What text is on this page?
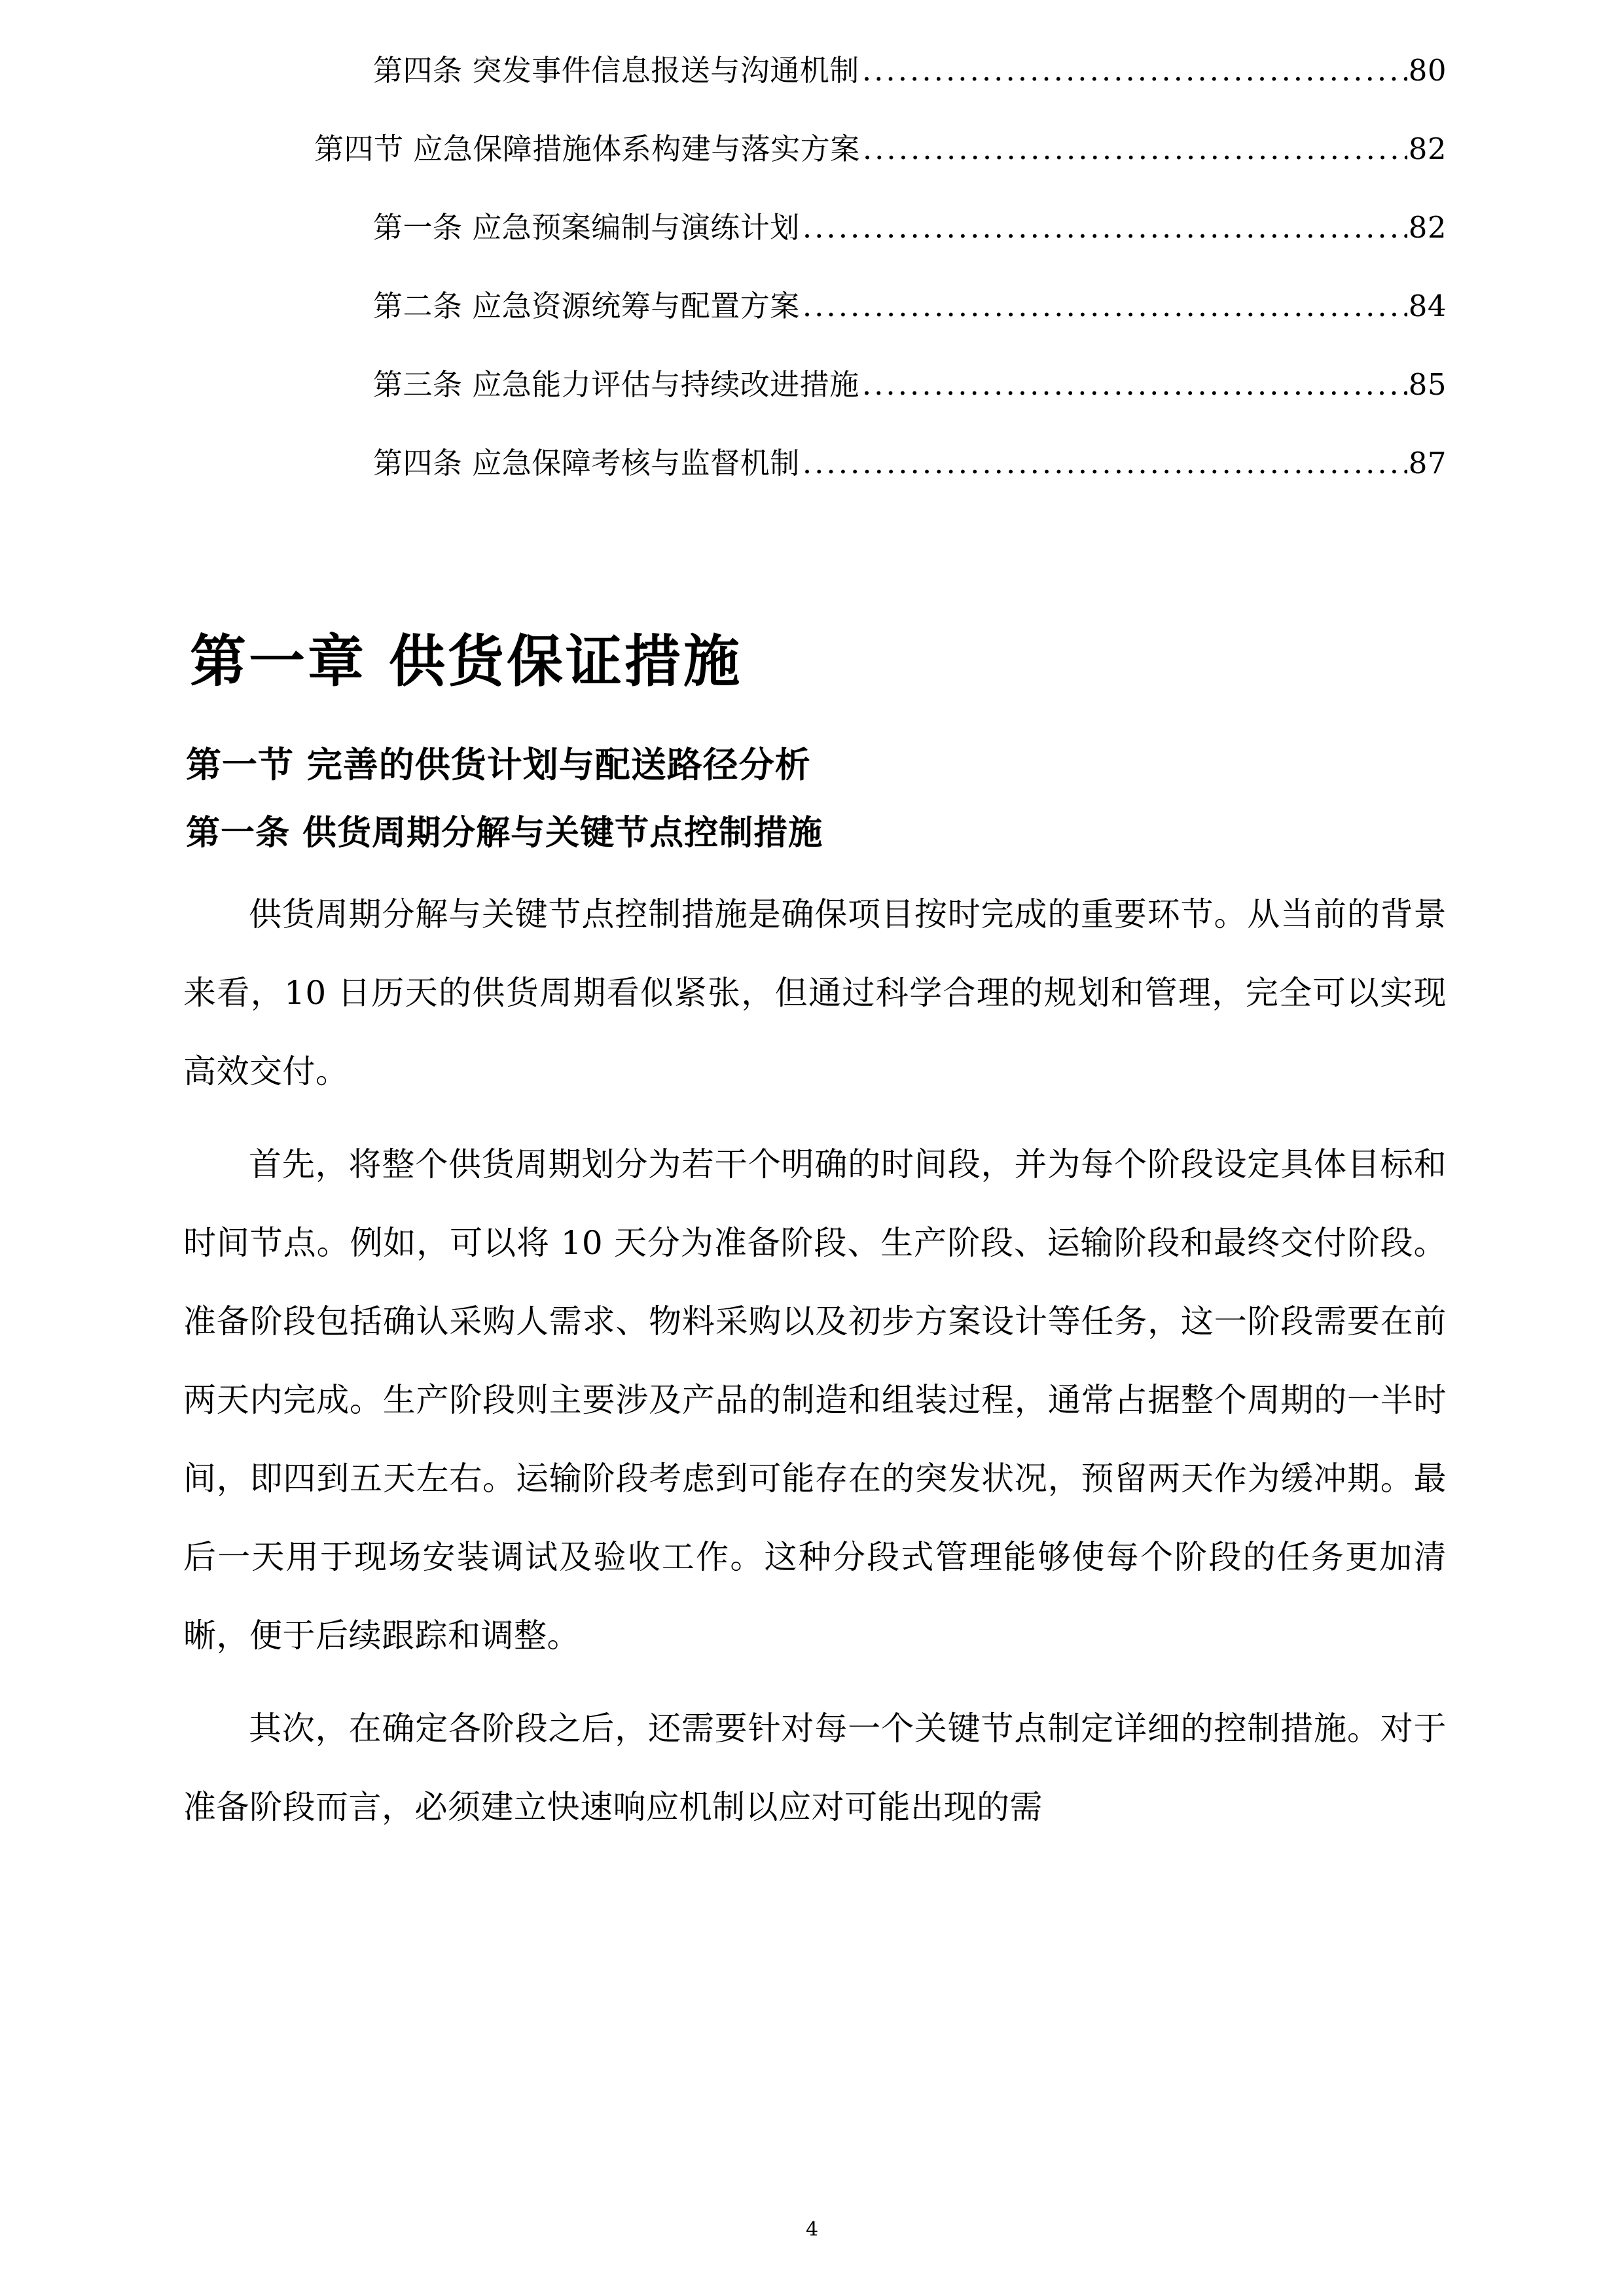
第四条 突发事件信息报送与沟通机制 .....	80
第四节 应急保障措施体系构建与落实方案 .....	82
第一条 应急预案编制与演练计划 .....	82
第二条 应急资源统筹与配置方案 .....	84
第三条 应急能力评估与持续改进措施 .....	85
第四条 应急保障考核与监督机制 .....	87
第一章 供货保证措施
第一节 完善的供货计划与配送路径分析
第一条 供货周期分解与关键节点控制措施

供货周期分解与关键节点控制措施是确保项目按时完成的重要环节。从当前的背景来看，10 日历天的供货周期看似紧张，但通过科学合理的规划和管理，完全可以实现高效交付。

首先，将整个供货周期划分为若干个明确的时间段，并为每个阶段设定具体目标和时间节点。例如，可以将 10 天分为准备阶段、生产阶段、运输阶段和最终交付阶段。准备阶段包括确认采购人需求、物料采购以及初步方案设计等任务，这一阶段需要在前两天内完成。生产阶段则主要涉及产品的制造和组装过程，通常占据整个周期的一半时间，即四到五天左右。运输阶段考虑到可能存在的突发状况，预留两天作为缓冲期。最后一天用于现场安装调试及验收工作。这种分段式管理能够使每个阶段的任务更加清晰，便于后续跟踪和调整。

其次，在确定各阶段之后，还需要针对每一个关键节点制定详细的控制措施。对于准备阶段而言，必须建立快速响应机制以应对可能出现的需

4
